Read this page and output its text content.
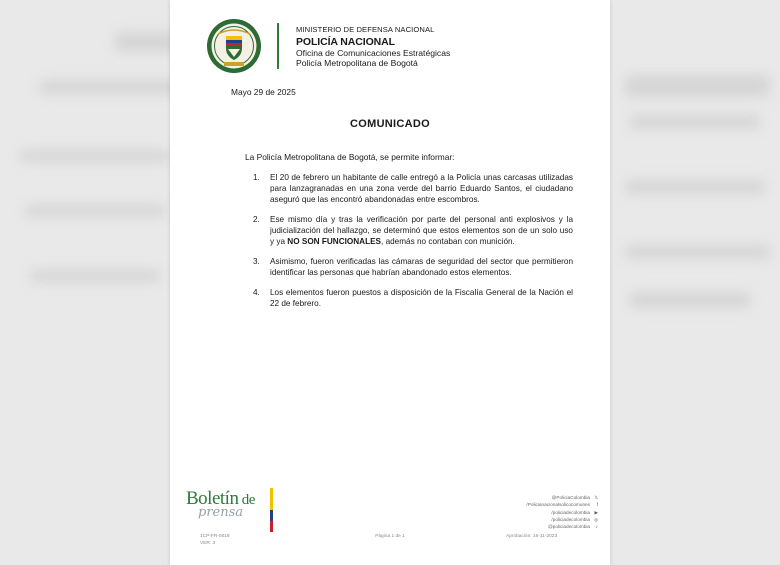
MINISTERIO DE DEFENSA NACIONAL
POLICÍA NACIONAL
Oficina de Comunicaciones Estratégicas
Policía Metropolitana de Bogotá
Mayo 29 de 2025
COMUNICADO
La Policía Metropolitana de Bogotá, se permite informar:
1.	El 20 de febrero un habitante de calle entregó a la Policía unas carcasas utilizadas para lanzagranadas en una zona verde del barrio Eduardo Santos, el ciudadano aseguró que las encontró abandonadas entre escombros.
2.	Ese mismo día y tras la verificación por parte del personal anti explosivos y la judicialización del hallazgo, se determinó que estos elementos son de un solo uso y ya NO SON FUNCIONALES, además no contaban con munición.
3.	Asimismo, fueron verificadas las cámaras de seguridad del sector que permitieron identificar las personas que habrían abandonado estos elementos.
4.	Los elementos fueron puestos a disposición de la Fiscalía General de la Nación el 22 de febrero.
Boletín de
prensa
@PoliciaColombia 𝕏
/Policianacionalsolicocomunes f
/policiadecolombia ▶
/policiadecolombia ◎
@policiadecolombia ♪
1CP-FR-0018
VER: 3
Página 1 de 1	Aprobación: 16-11-2023
